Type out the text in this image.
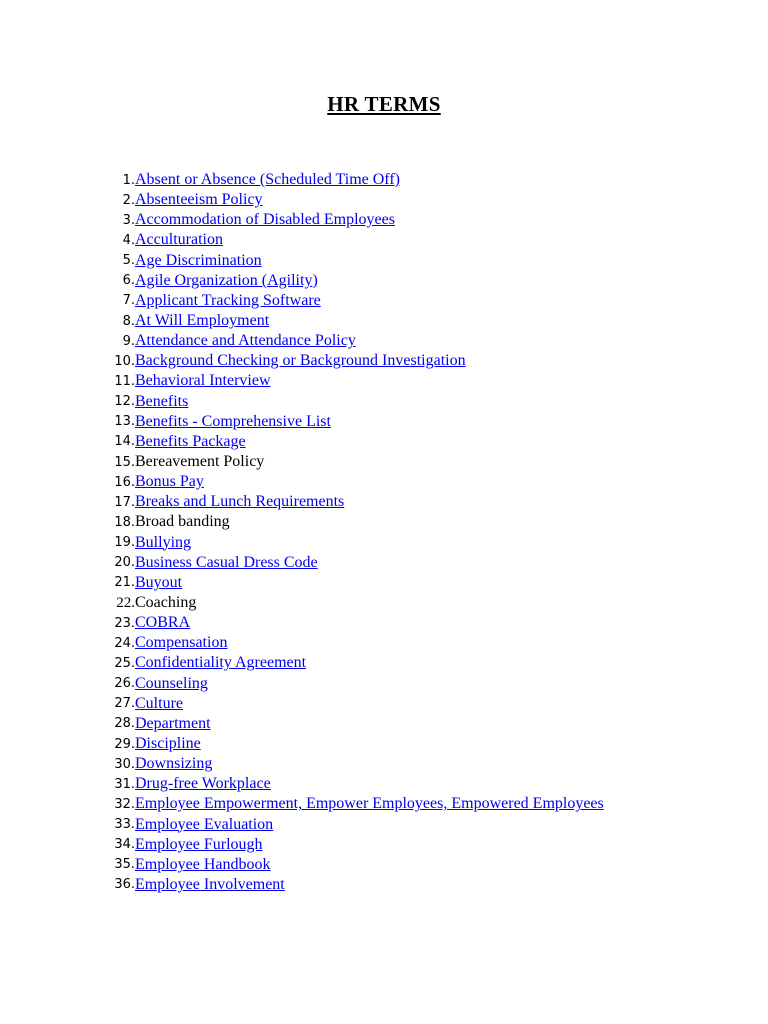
HR TERMS
1. Absent or Absence (Scheduled Time Off)
2. Absenteeism Policy
3. Accommodation of Disabled Employees
4. Acculturation
5. Age Discrimination
6. Agile Organization (Agility)
7. Applicant Tracking Software
8. At Will Employment
9. Attendance and Attendance Policy
10. Background Checking or Background Investigation
11. Behavioral Interview
12. Benefits
13. Benefits - Comprehensive List
14. Benefits Package
15. Bereavement Policy
16. Bonus Pay
17. Breaks and Lunch Requirements
18. Broad banding
19. Bullying
20. Business Casual Dress Code
21. Buyout
22. Coaching
23. COBRA
24. Compensation
25. Confidentiality Agreement
26. Counseling
27. Culture
28. Department
29. Discipline
30. Downsizing
31. Drug-free Workplace
32. Employee Empowerment, Empower Employees, Empowered Employees
33. Employee Evaluation
34. Employee Furlough
35. Employee Handbook
36. Employee Involvement
